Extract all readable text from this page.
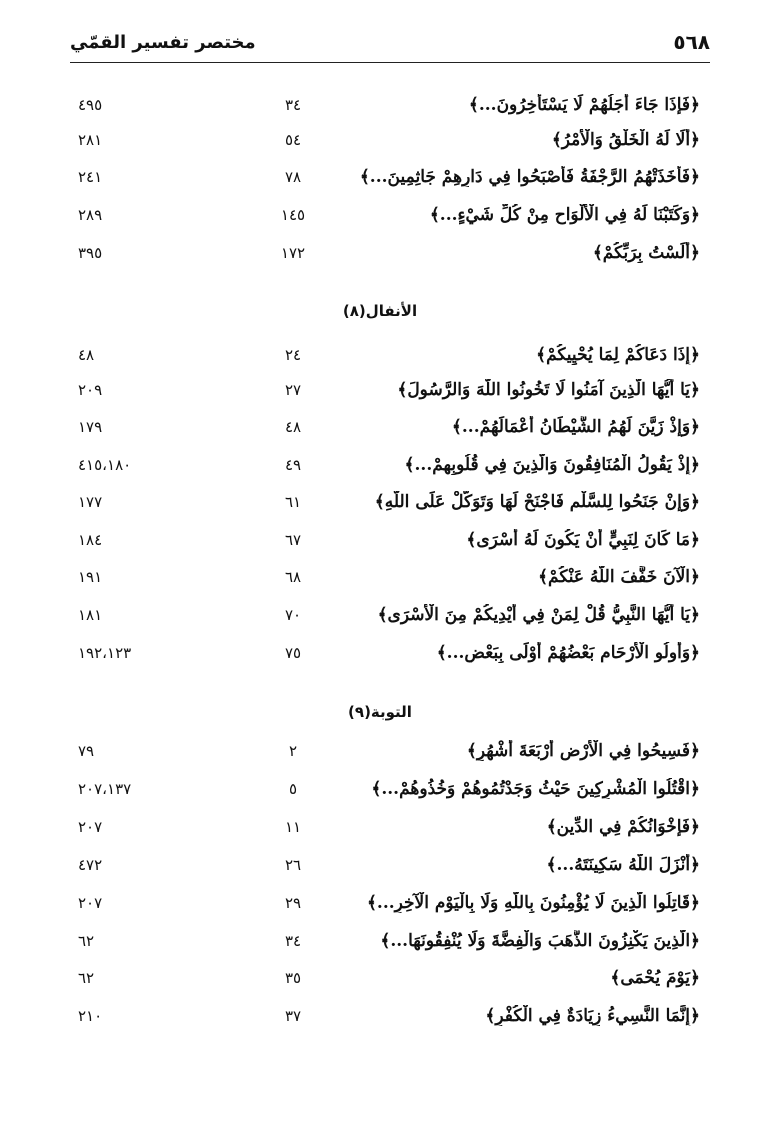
مختصر تفسير القمّي	٥٦٨
﴿فَإِذَا جَاءَ أَجَلُهُمْ لَا يَسْتَأْخِرُونَ...﴾
٣٤
٤٩٥
﴿أَلَا لَهُ الْخَلْقُ وَالْأَمْرُ﴾
٥٤
٢٨١
﴿فَأَخَذَتْهُمُ الرَّجْفَةُ فَأَصْبَحُوا فِي دَارِهِمْ جَاثِمِينَ...﴾
٧٨
٢٤١
﴿وَكَتَبْنَا لَهُ فِي الْأَلْوَاحِ مِنْ كُلِّ شَيْءٍ...﴾
١٤٥
٢٨٩
﴿أَلَسْتُ بِرَبِّكُمْ﴾
١٧٢
٣٩٥
الأنفال(٨)
﴿إِذَا دَعَاكُمْ لِمَا يُحْيِيكُمْ﴾
٢٤
٤٨
﴿يَا أَيُّهَا الَّذِينَ آمَنُوا لَا تَخُونُوا اللَّهَ وَالرَّسُولَ﴾
٢٧
٢٠٩
﴿وَإِذْ زَيَّنَ لَهُمُ الشَّيْطَانُ أَعْمَالَهُمْ...﴾
٤٨
١٧٩
﴿إِذْ يَقُولُ الْمُنَافِقُونَ وَالَّذِينَ فِي قُلُوبِهِمْ...﴾
٤٩
٤١٥،١٨٠
﴿وَإِنْ جَنَحُوا لِلسَّلْمِ فَاجْنَحْ لَهَا وَتَوَكَّلْ عَلَى اللَّهِ﴾
٦١
١٧٧
﴿مَا كَانَ لِنَبِيٍّ أَنْ يَكُونَ لَهُ أَسْرَى﴾
٦٧
١٨٤
﴿الْآنَ خَفَّفَ اللَّهُ عَنْكُمْ﴾
٦٨
١٩١
﴿يَا أَيُّهَا النَّبِيُّ قُلْ لِمَنْ فِي أَيْدِيكُمْ مِنَ الْأَسْرَى﴾
٧٠
١٨١
﴿وَأُولُو الْأَرْحَامِ بَعْضُهُمْ أَوْلَى بِبَعْضٍ...﴾
٧٥
١٩٢،١٢٣
التوبة(٩)
﴿فَسِيحُوا فِي الْأَرْضِ أَرْبَعَةَ أَشْهُرٍ﴾
٢
٧٩
﴿اقْتُلُوا الْمُشْرِكِينَ حَيْثُ وَجَدْتُمُوهُمْ وَخُذُوهُمْ...﴾
٥
٢٠٧،١٣٧
﴿فَإِخْوَانُكُمْ فِي الدِّينِ﴾
١١
٢٠٧
﴿أَنْزَلَ اللَّهُ سَكِينَتَهُ...﴾
٢٦
٤٧٢
﴿قَاتِلُوا الَّذِينَ لَا يُؤْمِنُونَ بِاللَّهِ وَلَا بِالْيَوْمِ الْآخِرِ...﴾
٢٩
٢٠٧
﴿الَّذِينَ يَكْنِزُونَ الذَّهَبَ وَالْفِضَّةَ وَلَا يُنْفِقُونَهَا...﴾
٣٤
٦٢
﴿يَوْمَ يُحْمَى﴾
٣٥
٦٢
﴿إِنَّمَا النَّسِيءُ زِيَادَةٌ فِي الْكُفْرِ﴾
٣٧
٢١٠
